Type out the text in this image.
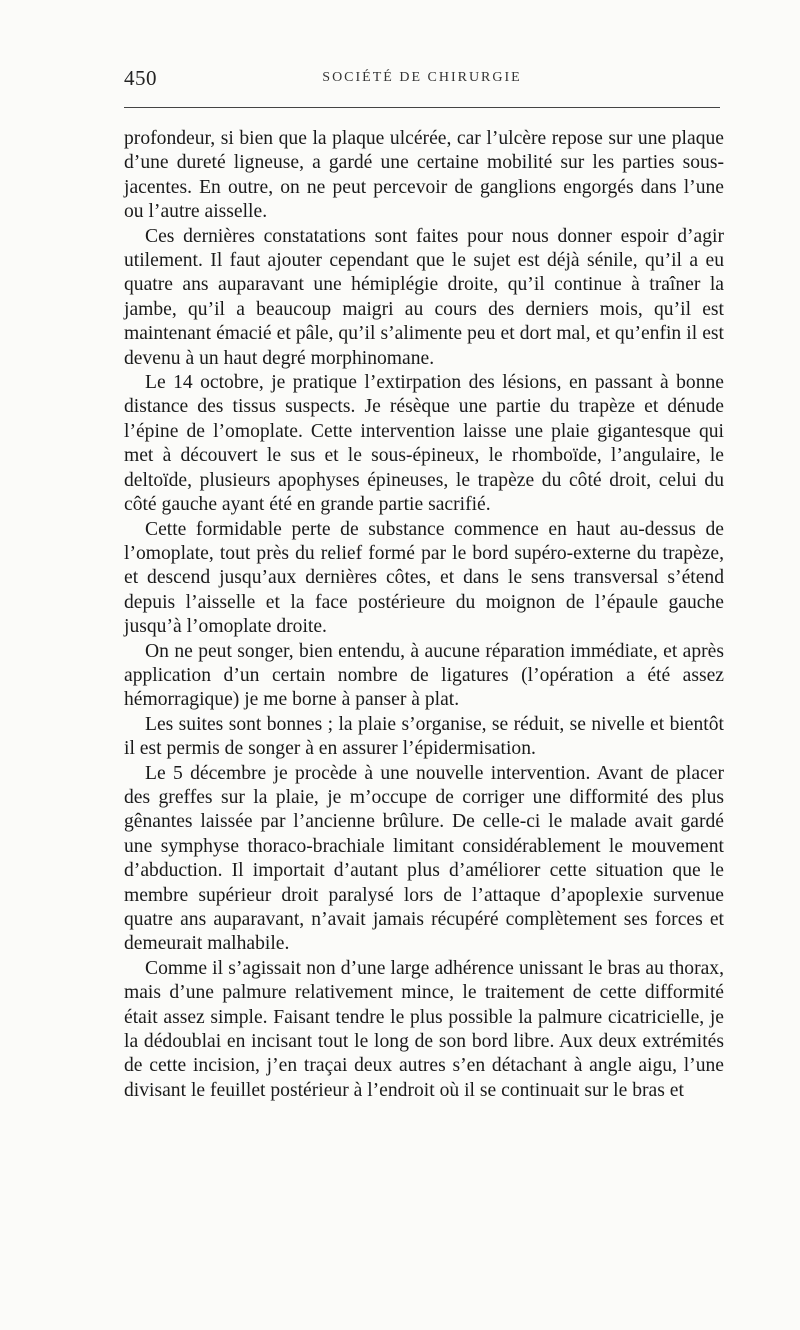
450	SOCIÉTÉ DE CHIRURGIE

profondeur, si bien que la plaque ulcérée, car l’ulcère repose sur une plaque d’une dureté ligneuse, a gardé une certaine mobilité sur les parties sous-jacentes. En outre, on ne peut percevoir de ganglions engorgés dans l’une ou l’autre aisselle.

Ces dernières constatations sont faites pour nous donner espoir d’agir utilement. Il faut ajouter cependant que le sujet est déjà sénile, qu’il a eu quatre ans auparavant une hémiplégie droite, qu’il continue à traîner la jambe, qu’il a beaucoup maigri au cours des derniers mois, qu’il est maintenant émacié et pâle, qu’il s’alimente peu et dort mal, et qu’enfin il est devenu à un haut degré morphinomane.

Le 14 octobre, je pratique l’extirpation des lésions, en passant à bonne distance des tissus suspects. Je résèque une partie du trapèze et dénude l’épine de l’omoplate. Cette intervention laisse une plaie gigantesque qui met à découvert le sus et le sous-épineux, le rhomboïde, l’angulaire, le deltoïde, plusieurs apophyses épineuses, le trapèze du côté droit, celui du côté gauche ayant été en grande partie sacrifié.

Cette formidable perte de substance commence en haut au-dessus de l’omoplate, tout près du relief formé par le bord supéro-externe du trapèze, et descend jusqu’aux dernières côtes, et dans le sens transversal s’étend depuis l’aisselle et la face postérieure du moignon de l’épaule gauche jusqu’à l’omoplate droite.

On ne peut songer, bien entendu, à aucune réparation immédiate, et après application d’un certain nombre de ligatures (l’opération a été assez hémorragique) je me borne à panser à plat.

Les suites sont bonnes ; la plaie s’organise, se réduit, se nivelle et bientôt il est permis de songer à en assurer l’épidermisation.

Le 5 décembre je procède à une nouvelle intervention. Avant de placer des greffes sur la plaie, je m’occupe de corriger une difformité des plus gênantes laissée par l’ancienne brûlure. De celle-ci le malade avait gardé une symphyse thoraco-brachiale limitant considérablement le mouvement d’abduction. Il importait d’autant plus d’améliorer cette situation que le membre supérieur droit paralysé lors de l’attaque d’apoplexie survenue quatre ans auparavant, n’avait jamais récupéré complètement ses forces et demeurait malhabile.

Comme il s’agissait non d’une large adhérence unissant le bras au thorax, mais d’une palmure relativement mince, le traitement de cette difformité était assez simple. Faisant tendre le plus possible la palmure cicatricielle, je la dédoublai en incisant tout le long de son bord libre. Aux deux extrémités de cette incision, j’en traçai deux autres s’en détachant à angle aigu, l’une divisant le feuillet postérieur à l’endroit où il se continuait sur le bras et
